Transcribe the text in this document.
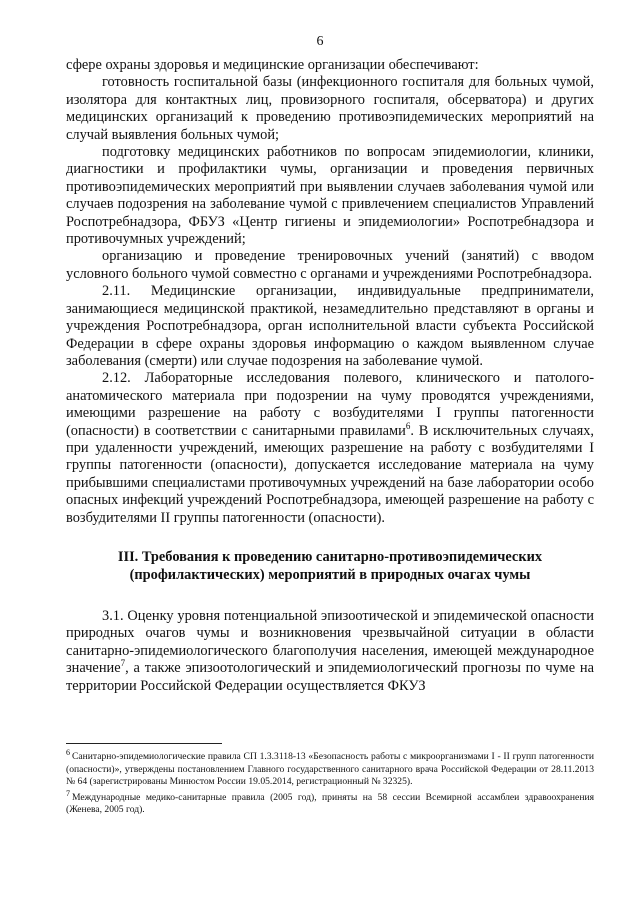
6

сфере охраны здоровья и медицинские организации обеспечивают:

готовность госпитальной базы (инфекционного госпиталя для больных чумой, изолятора для контактных лиц, провизорного госпиталя, обсерватора) и других медицинских организаций к проведению противоэпидемических мероприятий на случай выявления больных чумой;

подготовку медицинских работников по вопросам эпидемиологии, клиники, диагностики и профилактики чумы, организации и проведения первичных противоэпидемических мероприятий при выявлении случаев заболевания чумой или случаев подозрения на заболевание чумой с привлечением специалистов Управлений Роспотребнадзора, ФБУЗ «Центр гигиены и эпидемиологии» Роспотребнадзора и противочумных учреждений;

организацию и проведение тренировочных учений (занятий) с вводом условного больного чумой совместно с органами и учреждениями Роспотребнадзора.

2.11. Медицинские организации, индивидуальные предприниматели, занимающиеся медицинской практикой, незамедлительно представляют в органы и учреждения Роспотребнадзора, орган исполнительной власти субъекта Российской Федерации в сфере охраны здоровья информацию о каждом выявленном случае заболевания (смерти) или случае подозрения на заболевание чумой.

2.12. Лабораторные исследования полевого, клинического и патолого-анатомического материала при подозрении на чуму проводятся учреждениями, имеющими разрешение на работу с возбудителями I группы патогенности (опасности) в соответствии с санитарными правилами$^6$. В исключительных случаях, при удаленности учреждений, имеющих разрешение на работу с возбудителями I группы патогенности (опасности), допускается исследование материала на чуму прибывшими специалистами противочумных учреждений на базе лаборатории особо опасных инфекций учреждений Роспотребнадзора, имеющей разрешение на работу с возбудителями II группы патогенности (опасности).

III. Требования к проведению санитарно-противоэпидемических (профилактических) мероприятий в природных очагах чумы

3.1. Оценку уровня потенциальной эпизоотической и эпидемической опасности природных очагов чумы и возникновения чрезвычайной ситуации в области санитарно-эпидемиологического благополучия населения, имеющей международное значение$^7$, а также эпизоотологический и эпидемиологический прогнозы по чуме на территории Российской Федерации осуществляется ФКУЗ

$^6$ Санитарно-эпидемиологические правила СП 1.3.3118-13 «Безопасность работы с микроорганизмами I - II групп патогенности (опасности)», утверждены постановлением Главного государственного санитарного врача Российской Федерации от 28.11.2013 № 64 (зарегистрированы Минюстом России 19.05.2014, регистрационный № 32325).

$^7$ Международные медико-санитарные правила (2005 год), приняты на 58 сессии Всемирной ассамблеи здравоохранения (Женева, 2005 год).
